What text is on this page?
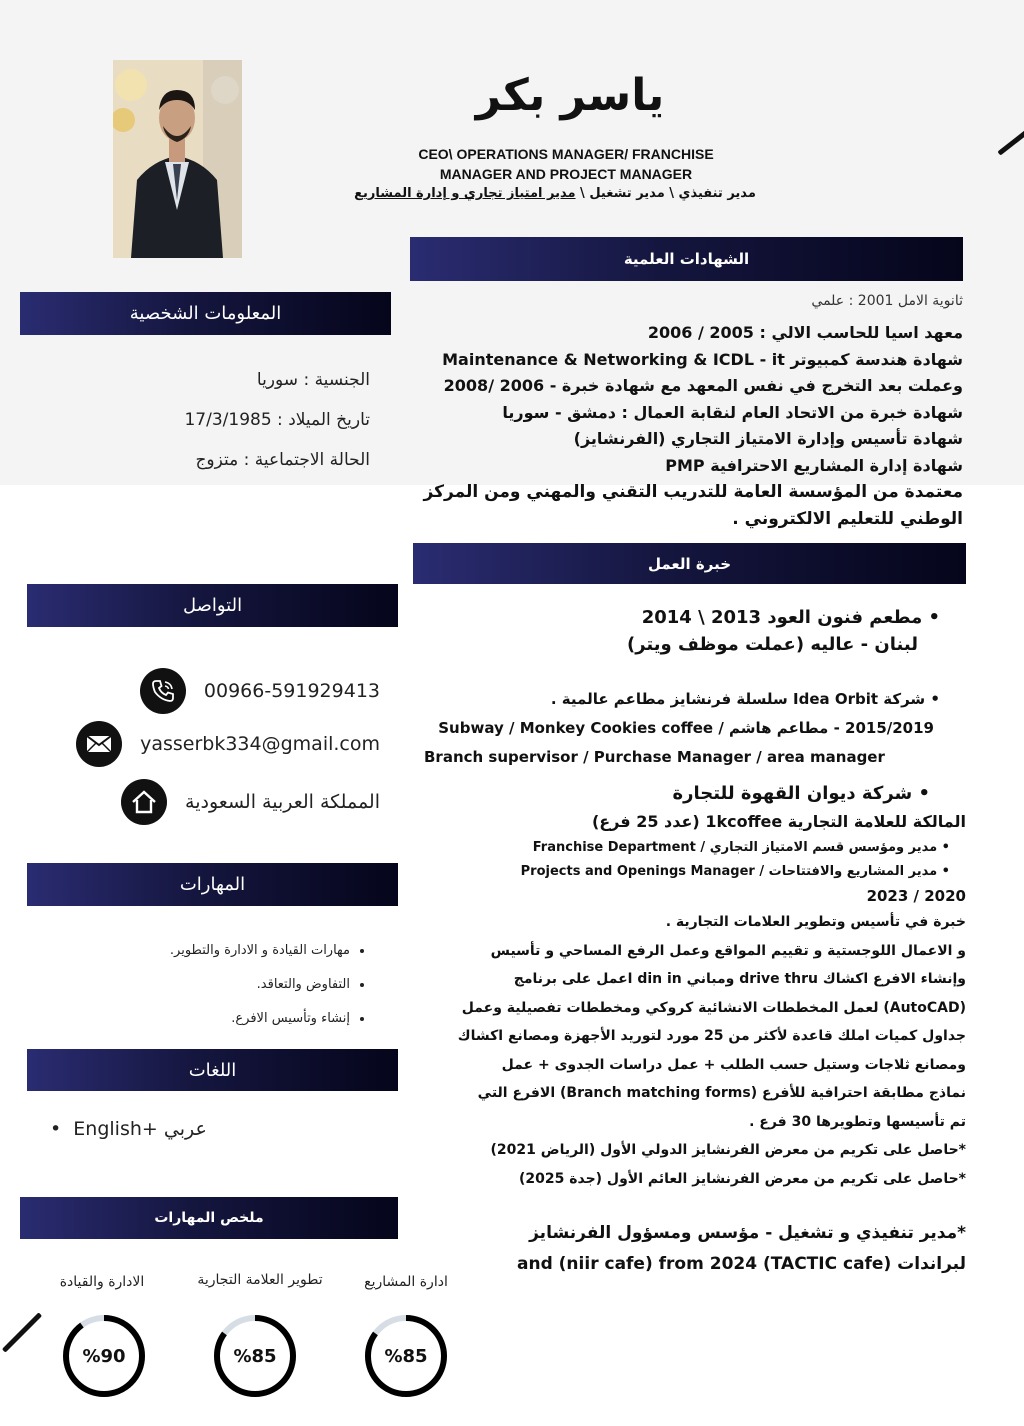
ياسر بكر
CEO\ OPERATIONS MANAGER/ FRANCHISE
MANAGER AND PROJECT MANAGER
مدير تنفيذي \ مدير تشغيل \ مدير امتياز تجاري و إدارة المشاريع
الشهادات العلمية
ثانوية الامل 2001 : علمي
معهد اسيا للحاسب الالي : 2005 / 2006
شهادة هندسة كمبيوتر Maintenance & Networking & ICDL - it
وعملت بعد التخرج في نفس المعهد مع شهادة خبرة - 2006 /2008
شهادة خبرة من الاتحاد العام لنقابة العمال : دمشق - سوريا
شهادة تأسيس وإدارة الامتياز التجاري (الفرنشايز)
شهادة إدارة المشاريع الاحترافية PMP
معتمدة من المؤسسة العامة للتدريب التقني والمهني ومن المركز
الوطني للتعليم الالكتروني .
المعلومات الشخصية
الجنسية : سوريا
تاريخ الميلاد : 17/3/1985
الحالة الاجتماعية : متزوج
خبرة العمل
• مطعم فنون العود 2013 \ 2014
لبنان - عاليه (عملت موظف ويتر)
• شركة Idea Orbit سلسلة فرنشايز مطاعم عالمية .
2015/2019 - مطاعم هاشم / Subway / Monkey Cookies coffee
Branch supervisor / Purchase Manager / area manager
• شركة ديوان القهوة للتجارة
المالكة للعلامة التجارية 1kcoffee (عدد 25 فرع)
• مدير ومؤسس قسم الامتياز التجاري / Franchise Department
• مدير المشاريع والافتتاحات / Projects and Openings Manager
2020 / 2023
خبرة في تأسيس وتطوير العلامات التجارية .
و الاعمال اللوجستية و تقييم المواقع وعمل الرفع المساحي و تأسيس
وإنشاء الافرع اكشاك drive thru ومباني din in اعمل على برنامج
(AutoCAD) لعمل المخططات الانشائية كروكي ومخططات تفصيلية وعمل
جداول كميات املك قاعدة لأكثر من 25 مورد لتوريد الأجهزة ومصانع اكشاك
ومصانع ثلاجات وستيل حسب الطلب + عمل دراسات الجدوى + عمل
نماذج مطابقة احترافية للأفرع (Branch matching forms) الافرع التي
تم تأسيسها وتطويرها 30 فرع .
*حاصل على تكريم من معرض الفرنشايز الدولي الأول (الرياض 2021)
*حاصل على تكريم من معرض الفرنشايز العائم الأول (جدة 2025)
*مدير تنفيذي و تشغيل - مؤسس ومسؤول الفرنشايز
لبراندات (TACTIC cafe) and (niir cafe) from 2024
التواصل
00966-591929413
yasserbk334@gmail.com
المملكة العربية السعودية
المهارات
• مهارات القيادة و الادارة والتطوير.
• التفاوض والتعاقد.
• إنشاء وتأسيس الافرع.
اللغات
•  عربي +English
ملخص المهارات
ادارة المشاريع
تطوير العلامة التجارية
الادارة والقيادة
%85
%85
%90
